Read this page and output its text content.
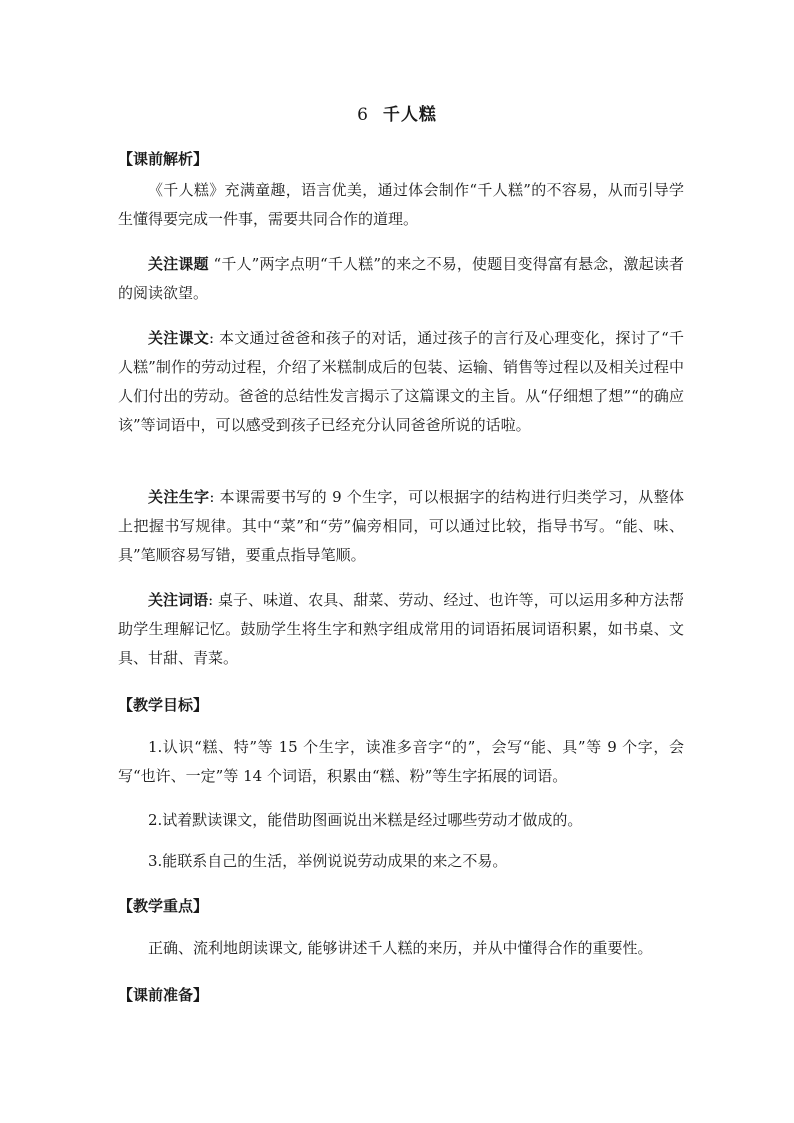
6 千人糕
【课前解析】

《千人糕》充满童趣，语言优美，通过体会制作“千人糕”的不容易，从而引导学生懂得要完成一件事，需要共同合作的道理。

关注课题 “千人”两字点明“千人糕”的来之不易，使题目变得富有悬念，激起读者的阅读欲望。

关注课文: 本文通过爸爸和孩子的对话，通过孩子的言行及心理变化，探讨了“千人糕”制作的劳动过程，介绍了米糕制成后的包装、运输、销售等过程以及相关过程中人们付出的劳动。爸爸的总结性发言揭示了这篇课文的主旨。从“仔细想了想”“的确应该”等词语中，可以感受到孩子已经充分认同爸爸所说的话啦。

关注生字: 本课需要书写的 9 个生字，可以根据字的结构进行归类学习，从整体上把握书写规律。其中“菜”和“劳”偏旁相同，可以通过比较，指导书写。“能、味、具”笔顺容易写错，要重点指导笔顺。

关注词语: 桌子、味道、农具、甜菜、劳动、经过、也许等，可以运用多种方法帮助学生理解记忆。鼓励学生将生字和熟字组成常用的词语拓展词语积累，如书桌、文具、甘甜、青菜。

【教学目标】

1.认识“糕、特”等 15 个生字，读准多音字“的”，会写“能、具”等 9 个字，会写“也许、一定”等 14 个词语，积累由“糕、粉”等生字拓展的词语。

2.试着默读课文，能借助图画说出米糕是经过哪些劳动才做成的。

3.能联系自己的生活，举例说说劳动成果的来之不易。

【教学重点】

正确、流利地朗读课文, 能够讲述千人糕的来历，并从中懂得合作的重要性。

【课前准备】
